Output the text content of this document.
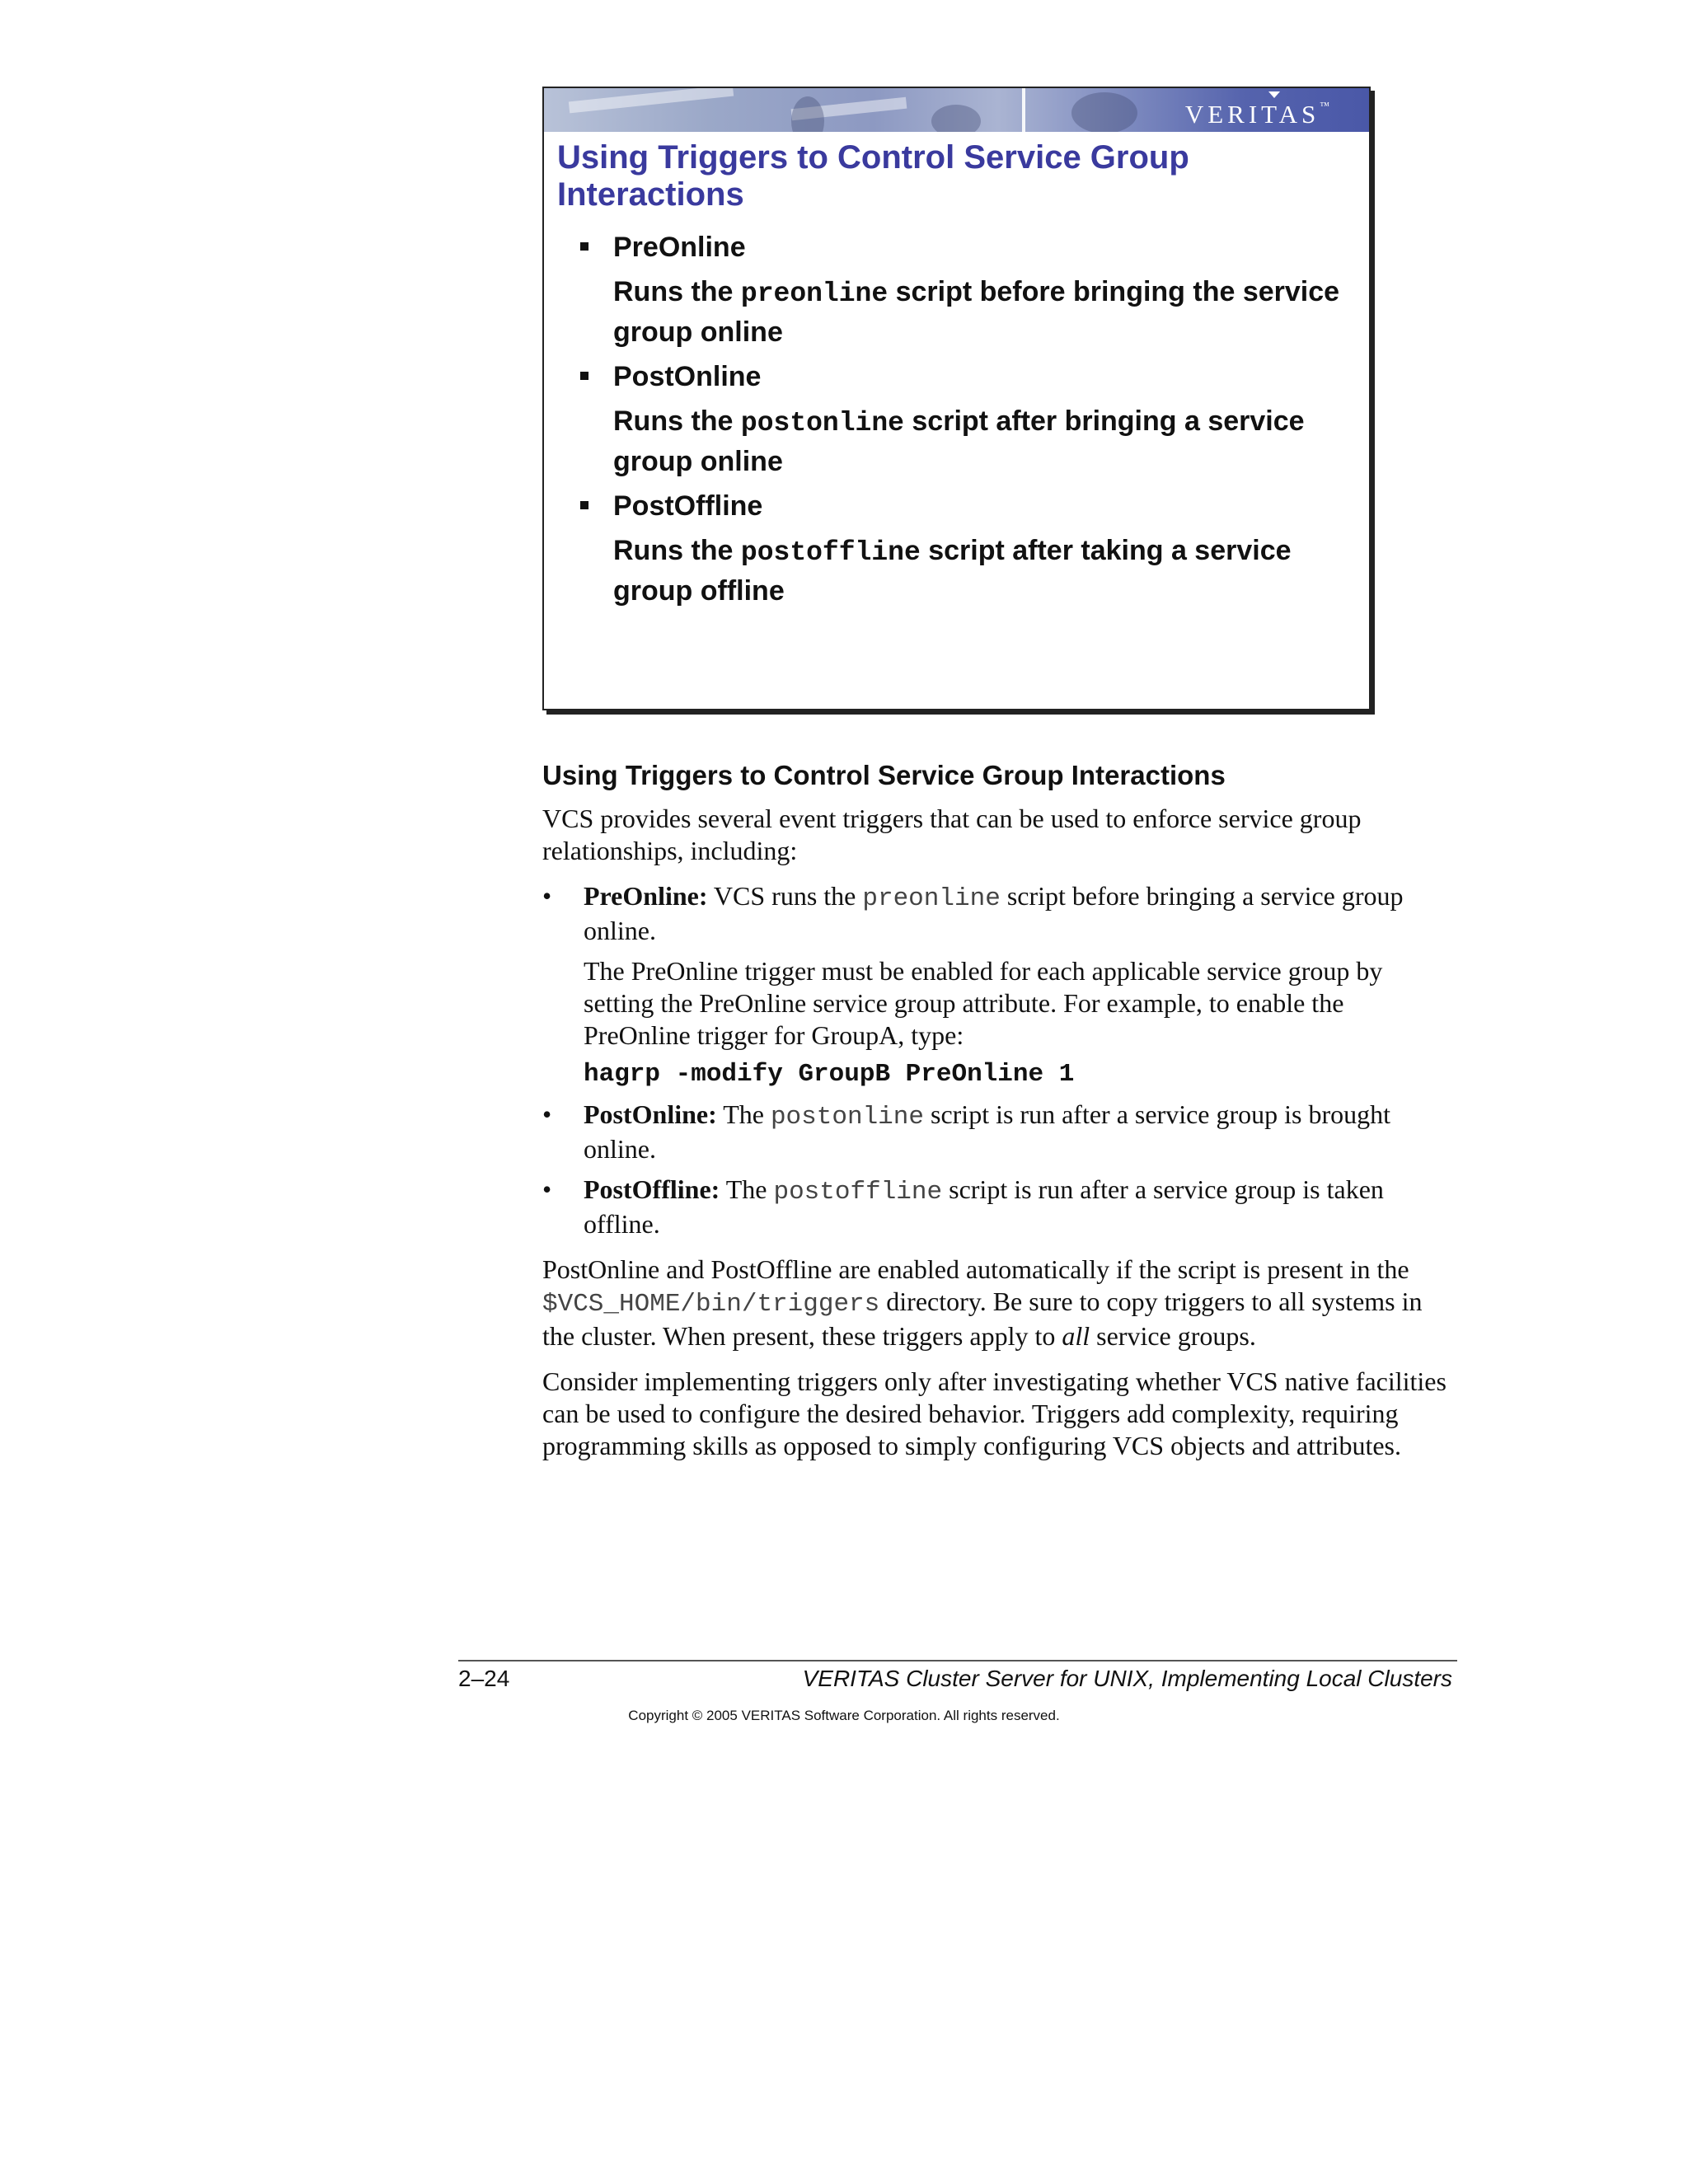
VERITAS™
Using Triggers to Control Service Group
Interactions
PreOnline
Runs the preonline script before bringing the service group online
PostOnline
Runs the postonline script after bringing a service group online
PostOffline
Runs the postoffline script after taking a service group offline
Using Triggers to Control Service Group Interactions

VCS provides several event triggers that can be used to enforce service group relationships, including:

• PreOnline: VCS runs the preonline script before bringing a service group online.
The PreOnline trigger must be enabled for each applicable service group by setting the PreOnline service group attribute. For example, to enable the PreOnline trigger for GroupA, type:
hagrp -modify GroupB PreOnline 1
• PostOnline: The postonline script is run after a service group is brought online.
• PostOffline: The postoffline script is run after a service group is taken offline.

PostOnline and PostOffline are enabled automatically if the script is present in the $VCS_HOME/bin/triggers directory. Be sure to copy triggers to all systems in the cluster. When present, these triggers apply to all service groups.

Consider implementing triggers only after investigating whether VCS native facilities can be used to configure the desired behavior. Triggers add complexity, requiring programming skills as opposed to simply configuring VCS objects and attributes.

2–24	VERITAS Cluster Server for UNIX, Implementing Local Clusters
Copyright © 2005 VERITAS Software Corporation. All rights reserved.
